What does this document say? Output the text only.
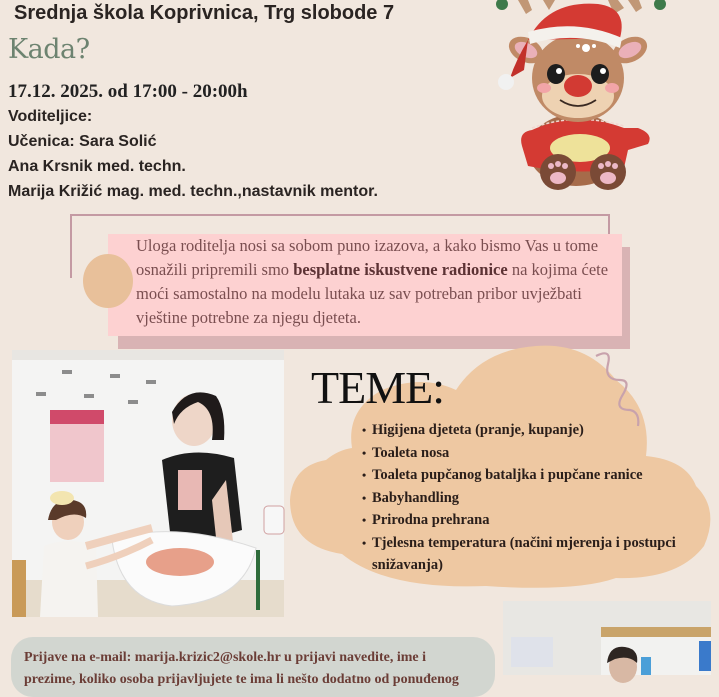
Srednja škola Koprivnica, Trg slobode 7
Kada?
17.12. 2025. od 17:00 - 20:00h
Voditeljice:
Učenica: Sara Solić
Ana Krsnik med. techn.
Marija Križić mag. med. techn.,nastavnik mentor.

Uloga roditelja nosi sa sobom puno izazova, a kako bismo Vas u tome osnažili pripremili smo besplatne iskustvene radionice na kojima ćete moći samostalno na modelu lutaka uz sav potreban pribor uvježbati vještine potrebne za njegu djeteta.

TEME:
• Higijena djeteta (pranje, kupanje)
• Toaleta nosa
• Toaleta pupčanog bataljka i pupčane ranice
• Babyhandling
• Prirodna prehrana
• Tjelesna temperatura (načini mjerenja i postupci snižavanja)
Prijave na e-mail: marija.krizic2@skole.hr u prijavi navedite, ime i
prezime, koliko osoba prijavljujete te ima li nešto dodatno od ponuđenog
